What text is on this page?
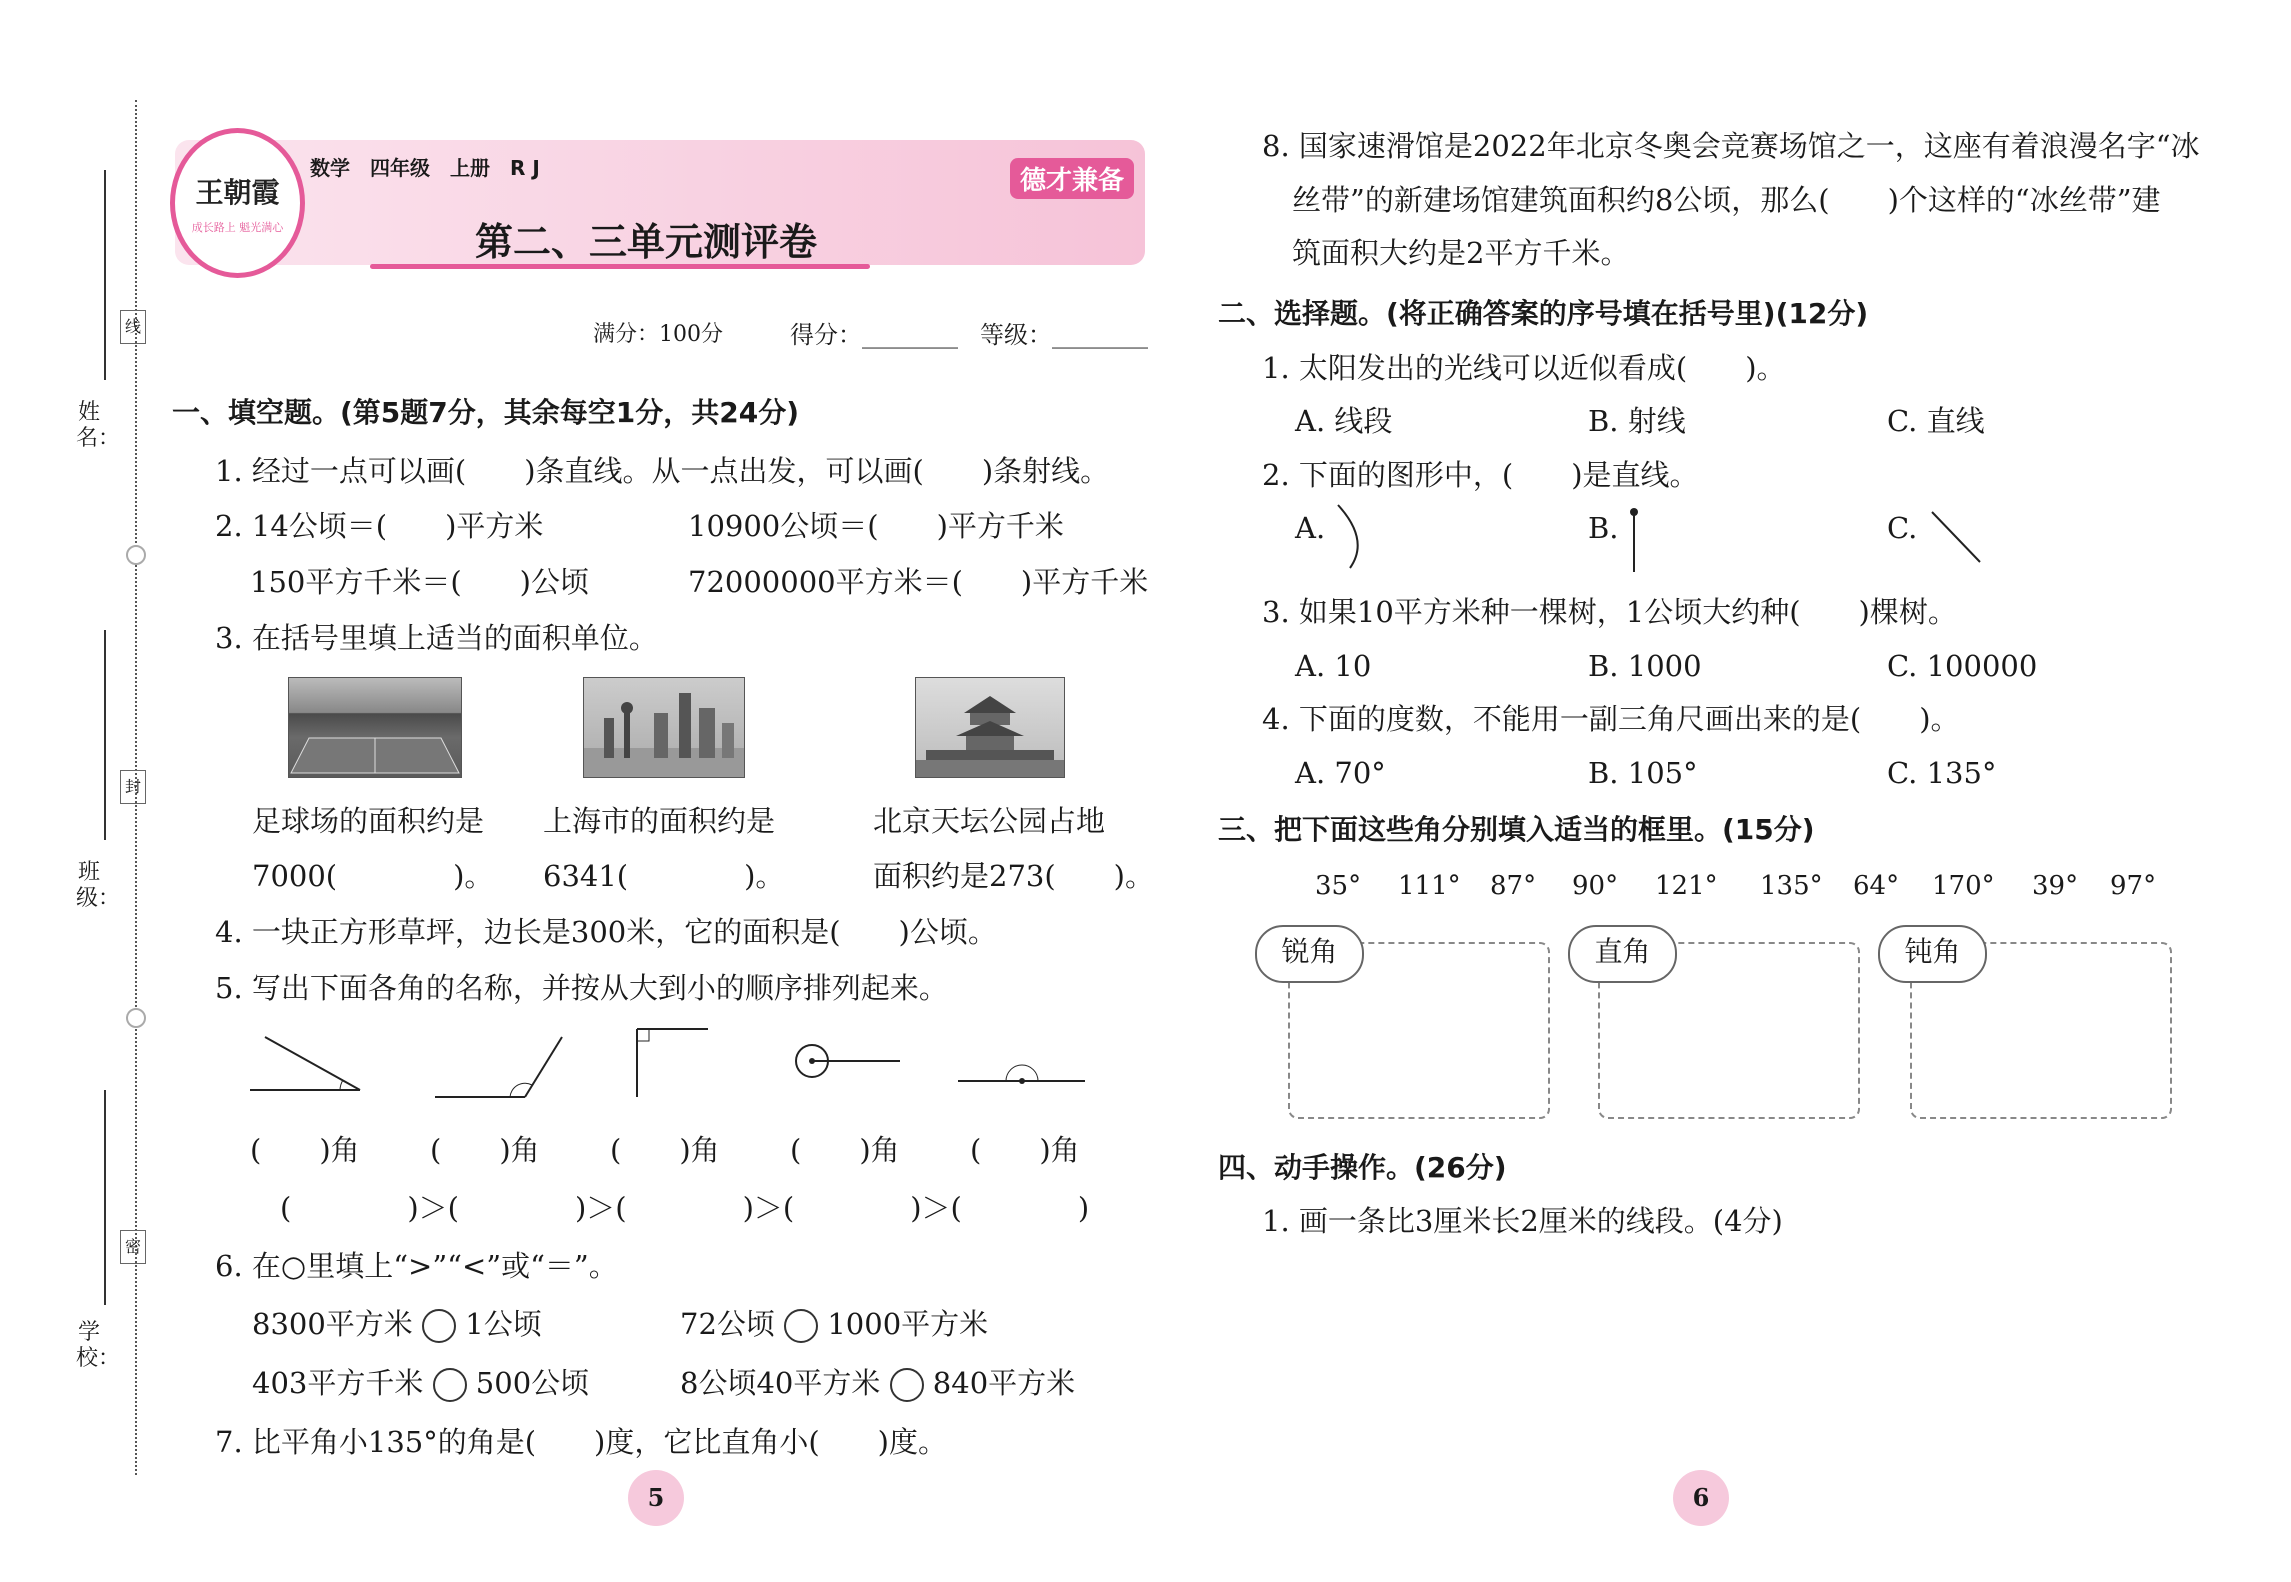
姓 名：
班 级：
学 校：
线
封
密
王朝霞
成长路上 魁光满心
数学　四年级　上册　R J
第二、三单元测评卷
德才兼备
满分：100分	得分：________ 等级：________
一、填空题。(第5题7分，其余每空1分，共24分)
1. 经过一点可以画(　　)条直线。从一点出发，可以画(　　)条射线。
2. 14公顷＝(　　)平方米	10900公顷＝(　　)平方千米
150平方千米＝(　　)公顷	72000000平方米＝(　　)平方千米
3. 在括号里填上适当的面积单位。
足球场的面积约是
7000(　　　　)。
上海市的面积约是
6341(　　　　)。
北京天坛公园占地
面积约是273(　　)。
4. 一块正方形草坪，边长是300米，它的面积是(　　)公顷。
5. 写出下面各角的名称，并按从大到小的顺序排列起来。
(　　)角 (　　)角 (　　)角 (　　)角 (　　)角
(　　　　)＞(　　　　)＞(　　　　)＞(　　　　)＞(　　　　)
6. 在○里填上“>”“<”或“＝”。
8300平方米 1公顷	72公顷 1000平方米
403平方千米 500公顷	8公顷40平方米 840平方米
7. 比平角小135°的角是(　　)度，它比直角小(　　)度。
5
8. 国家速滑馆是2022年北京冬奥会竞赛场馆之一，这座有着浪漫名字“冰
丝带”的新建场馆建筑面积约8公顷，那么(　　)个这样的“冰丝带”建
筑面积大约是2平方千米。
二、选择题。(将正确答案的序号填在括号里)(12分)
1. 太阳发出的光线可以近似看成(　　)。
A. 线段	B. 射线	C. 直线
2. 下面的图形中，(　　)是直线。
A.	B.	C.
3. 如果10平方米种一棵树，1公顷大约种(　　)棵树。
A. 10	B. 1000	C. 100000
4. 下面的度数，不能用一副三角尺画出来的是(　　)。
A. 70°	B. 105°	C. 135°
三、把下面这些角分别填入适当的框里。(15分)
35° 111° 87° 90° 121° 135° 64° 170° 39° 97°
锐角	直角	钝角
四、动手操作。(26分)
1. 画一条比3厘米长2厘米的线段。(4分)
6
